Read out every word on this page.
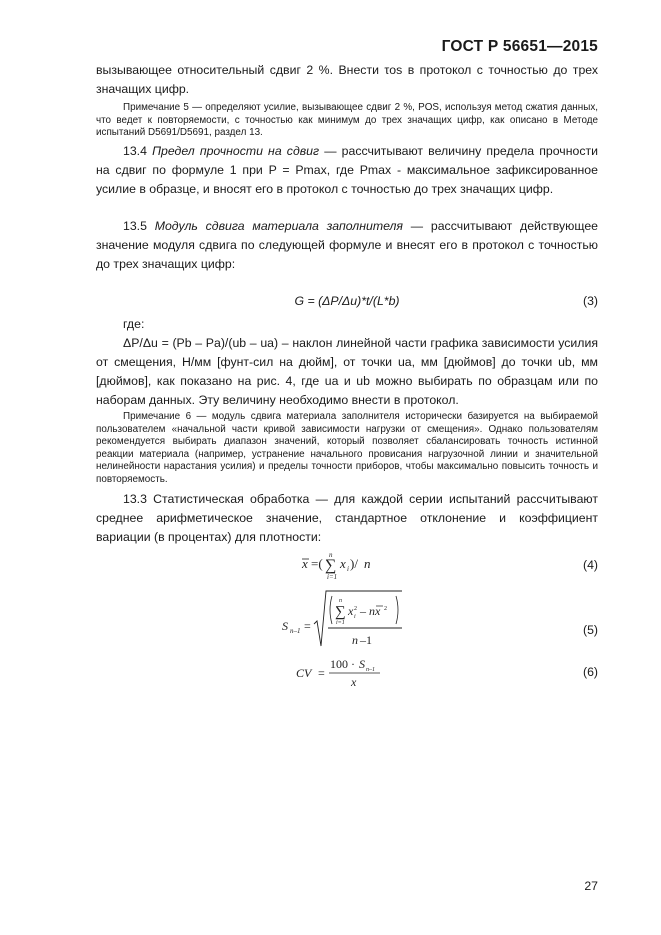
ГОСТ Р 56651—2015
вызывающее относительный сдвиг 2 %. Внести τos в протокол с точностью до трех значащих цифр.
Примечание 5 — определяют усилие, вызывающее сдвиг 2 %, POS, используя метод сжатия данных, что ведет к повторяемости, с точностью как минимум до трех значащих цифр, как описано в Методе испытаний D5691/D5691, раздел 13.
13.4 Предел прочности на сдвиг — рассчитывают величину предела прочности на сдвиг по формуле 1 при P = Pmax, где Pmax - максимальное зафиксированное усилие в образце, и вносят его в протокол с точностью до трех значащих цифр.
13.5 Модуль сдвига материала заполнителя — рассчитывают действующее значение модуля сдвига по следующей формуле и внесят его в протокол с точностью до трех значащих цифр:
G = (ΔP/Δu)*t/(L*b)	(3)
где:
ΔP/Δu = (Pb – Pa)/(ub – ua) – наклон линейной части графика зависимости усилия от смещения, Н/мм [фунт-сил на дюйм], от точки ua, мм [дюймов] до точки ub, мм [дюймов], как показано на рис. 4, где ua и ub можно выбирать по образцам или по наборам данных. Эту величину необходимо внести в протокол.
Примечание 6 — модуль сдвига материала заполнителя исторически базируется на выбираемой пользователем «начальной части кривой зависимости нагрузки от смещения». Однако пользователям рекомендуется выбирать диапазон значений, который позволяет сбалансировать точность истинной реакции материала (например, устранение начального провисания нагрузочной линии и значительной нелинейности нарастания усилия) и пределы точности приборов, чтобы максимально повысить точность и повторяемость.
13.3 Статистическая обработка — для каждой серии испытаний рассчитывают среднее арифметическое значение, стандартное отклонение и коэффициент вариации (в процентах) для плотности:
x =( ∑
n
i=1
x i )/ n	(4)
S n–1 =
∑
n
i=1
x 2
i – nx 2
n –1
(5)
CV =
100 · S n–1
x
(6)
27
